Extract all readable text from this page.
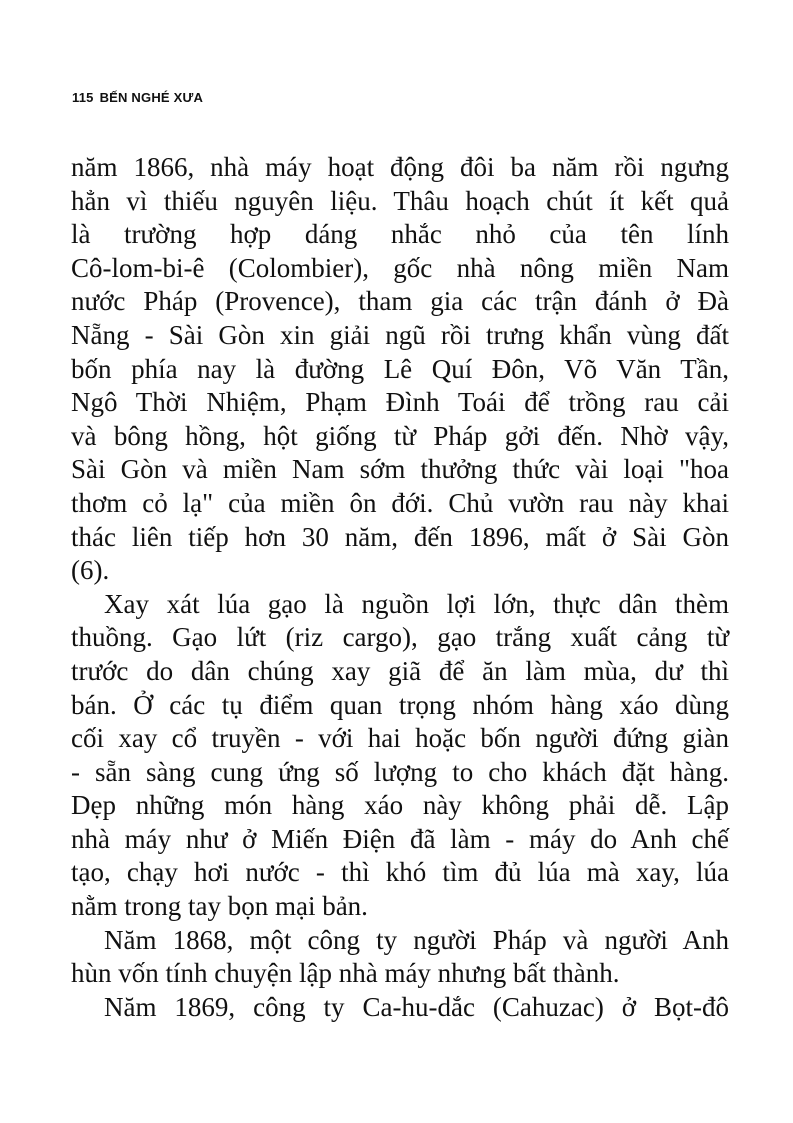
115 BẾN NGHÉ XƯA
năm 1866, nhà máy hoạt động đôi ba năm rồi ngưng
hẳn vì thiếu nguyên liệu. Thâu hoạch chút ít kết quả
là trường hợp dáng nhắc nhỏ của tên lính
Cô-lom-bi-ê (Colombier), gốc nhà nông miền Nam
nước Pháp (Provence), tham gia các trận đánh ở Đà
Nẵng - Sài Gòn xin giải ngũ rồi trưng khẩn vùng đất
bốn phía nay là đường Lê Quí Đôn, Võ Văn Tần,
Ngô Thời Nhiệm, Phạm Đình Toái để trồng rau cải
và bông hồng, hột giống từ Pháp gởi đến. Nhờ vậy,
Sài Gòn và miền Nam sớm thưởng thức vài loại "hoa
thơm cỏ lạ" của miền ôn đới. Chủ vườn rau này khai
thác liên tiếp hơn 30 năm, đến 1896, mất ở Sài Gòn
(6).
Xay xát lúa gạo là nguồn lợi lớn, thực dân thèm
thuồng. Gạo lứt (riz cargo), gạo trắng xuất cảng từ
trước do dân chúng xay giã để ăn làm mùa, dư thì
bán. Ở các tụ điểm quan trọng nhóm hàng xáo dùng
cối xay cổ truyền - với hai hoặc bốn người đứng giàn
- sẵn sàng cung ứng số lượng to cho khách đặt hàng.
Dẹp những món hàng xáo này không phải dễ. Lập
nhà máy như ở Miến Điện đã làm - máy do Anh chế
tạo, chạy hơi nước - thì khó tìm đủ lúa mà xay, lúa
nằm trong tay bọn mại bản.
Năm 1868, một công ty người Pháp và người Anh
hùn vốn tính chuyện lập nhà máy nhưng bất thành.
Năm 1869, công ty Ca-hu-dắc (Cahuzac) ở Bọt-đô
